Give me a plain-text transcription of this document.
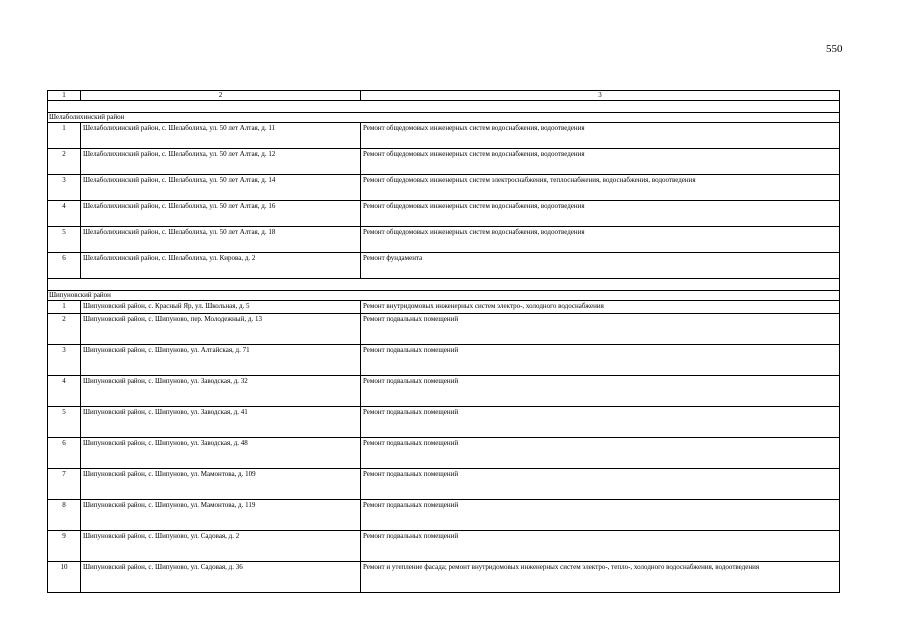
550
1	2	3

Шелаболихинский район		
1	Шелаболихинский район, с. Шелаболиха, ул. 50 лет Алтая, д. 11	Ремонт общедомовых инженерных систем водоснабжения, водоотведения
2	Шелаболихинский район, с. Шелаболиха, ул. 50 лет Алтая, д. 12	Ремонт общедомовых инженерных систем водоснабжения, водоотведения
3	Шелаболихинский район, с. Шелаболиха, ул. 50 лет Алтая, д. 14	Ремонт общедомовых инженерных систем электроснабжения, теплоснабжения, водоснабжения, водоотведения
4	Шелаболихинский район, с. Шелаболиха, ул. 50 лет Алтая, д. 16	Ремонт общедомовых инженерных систем водоснабжения, водоотведения
5	Шелаболихинский район, с. Шелаболиха, ул. 50 лет Алтая, д. 18	Ремонт общедомовых инженерных систем водоснабжения, водоотведения
6	Шелаболихинский район, с. Шелаболиха, ул. Кирова, д. 2	Ремонт фундамента

Шипуновский район		
1	Шипуновский район, с. Красный Яр, ул. Школьная, д. 5	Ремонт внутридомовых инженерных систем электро-, холодного водоснабжения
2	Шипуновский район, с. Шипуново, пер. Молодежный, д. 13	Ремонт подвальных помещений
3	Шипуновский район, с. Шипуново, ул. Алтайская, д. 71	Ремонт подвальных помещений
4	Шипуновский район, с. Шипуново, ул. Заводская, д. 32	Ремонт подвальных помещений
5	Шипуновский район, с. Шипуново, ул. Заводская, д. 41	Ремонт подвальных помещений
6	Шипуновский район, с. Шипуново, ул. Заводская, д. 48	Ремонт подвальных помещений
7	Шипуновский район, с. Шипуново, ул. Мамонтова, д. 109	Ремонт подвальных помещений
8	Шипуновский район, с. Шипуново, ул. Мамонтова, д. 119	Ремонт подвальных помещений
9	Шипуновский район, с. Шипуново, ул. Садовая, д. 2	Ремонт подвальных помещений
10	Шипуновский район, с. Шипуново, ул. Садовая, д. 36	Ремонт и утепление фасада; ремонт внутридомовых инженерных систем электро-, тепло-, холодного водоснабжения, водоотведения
